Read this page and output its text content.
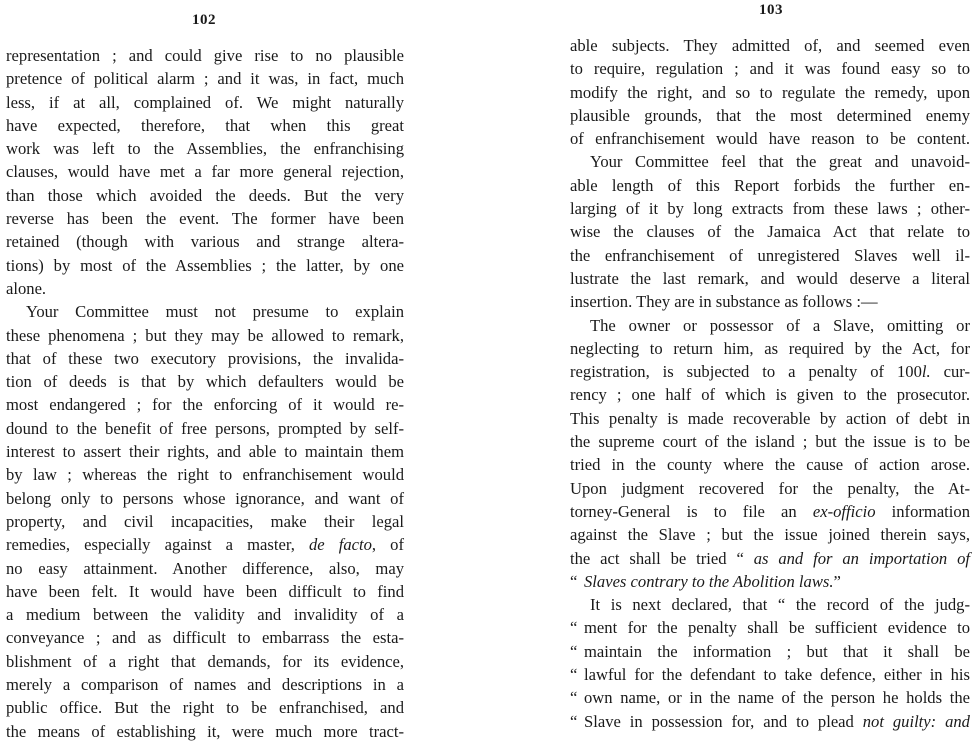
102
representation ; and could give rise to no plausible
pretence of political alarm ; and it was, in fact, much
less, if at all, complained of. We might naturally
have expected, therefore, that when this great
work was left to the Assemblies, the enfranchising
clauses, would have met a far more general rejection,
than those which avoided the deeds. But the very
reverse has been the event. The former have been
retained (though with various and strange altera-
tions) by most of the Assemblies ; the latter, by one
alone.
Your Committee must not presume to explain
these phenomena ; but they may be allowed to remark,
that of these two executory provisions, the invalida-
tion of deeds is that by which defaulters would be
most endangered ; for the enforcing of it would re-
dound to the benefit of free persons, prompted by self-
interest to assert their rights, and able to maintain them
by law ; whereas the right to enfranchisement would
belong only to persons whose ignorance, and want of
property, and civil incapacities, make their legal
remedies, especially against a master, de facto, of
no easy attainment. Another difference, also, may
have been felt. It would have been difficult to find
a medium between the validity and invalidity of a
conveyance ; and as difficult to embarrass the esta-
blishment of a right that demands, for its evidence,
merely a comparison of names and descriptions in a
public office. But the right to be enfranchised, and
the means of establishing it, were much more tract-
103
able subjects. They admitted of, and seemed even
to require, regulation ; and it was found easy so to
modify the right, and so to regulate the remedy, upon
plausible grounds, that the most determined enemy
of enfranchisement would have reason to be content.
Your Committee feel that the great and unavoid-
able length of this Report forbids the further en-
larging of it by long extracts from these laws ; other-
wise the clauses of the Jamaica Act that relate to
the enfranchisement of unregistered Slaves well il-
lustrate the last remark, and would deserve a literal
insertion. They are in substance as follows :—
The owner or possessor of a Slave, omitting or
neglecting to return him, as required by the Act, for
registration, is subjected to a penalty of 100l. cur-
rency ; one half of which is given to the prosecutor.
This penalty is made recoverable by action of debt in
the supreme court of the island ; but the issue is to be
tried in the county where the cause of action arose.
Upon judgment recovered for the penalty, the At-
torney-General is to file an ex-officio information
against the Slave ; but the issue joined therein says,
the act shall be tried “ as and for an importation of
“ Slaves contrary to the Abolition laws.”
It is next declared, that “ the record of the judg-
“ ment for the penalty shall be sufficient evidence to
“ maintain the information ; but that it shall be
“ lawful for the defendant to take defence, either in his
“ own name, or in the name of the person he holds the
“ Slave in possession for, and to plead not guilty: and
